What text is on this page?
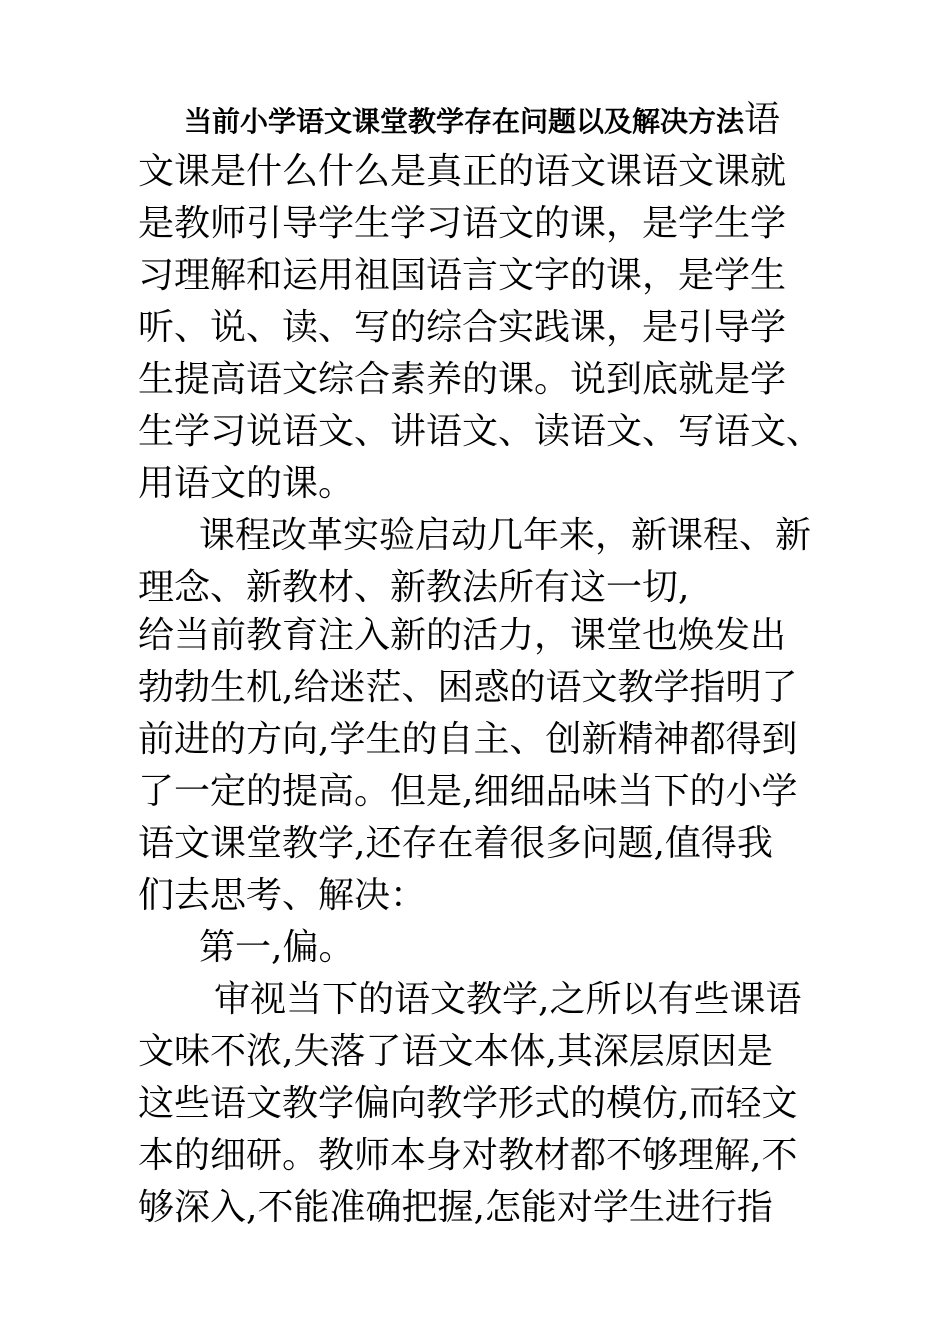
当前小学语文课堂教学存在问题以及解决方法语
文课是什么什么是真正的语文课语文课就
是教师引导学生学习语文的课，是学生学
习理解和运用祖国语言文字的课，是学生
听、说、读、写的综合实践课，是引导学
生提高语文综合素养的课。说到底就是学
生学习说语文、讲语文、读语文、写语文、
用语文的课。
课程改革实验启动几年来，新课程、新
理念、新教材、新教法所有这一切,
给当前教育注入新的活力，课堂也焕发出
勃勃生机,给迷茫、困惑的语文教学指明了
前进的方向,学生的自主、创新精神都得到
了一定的提高。但是,细细品味当下的小学
语文课堂教学,还存在着很多问题,值得我
们去思考、解决：
第一,偏。
审视当下的语文教学,之所以有些课语
文味不浓,失落了语文本体,其深层原因是
这些语文教学偏向教学形式的模仿,而轻文
本的细研。教师本身对教材都不够理解,不
够深入,不能准确把握,怎能对学生进行指
